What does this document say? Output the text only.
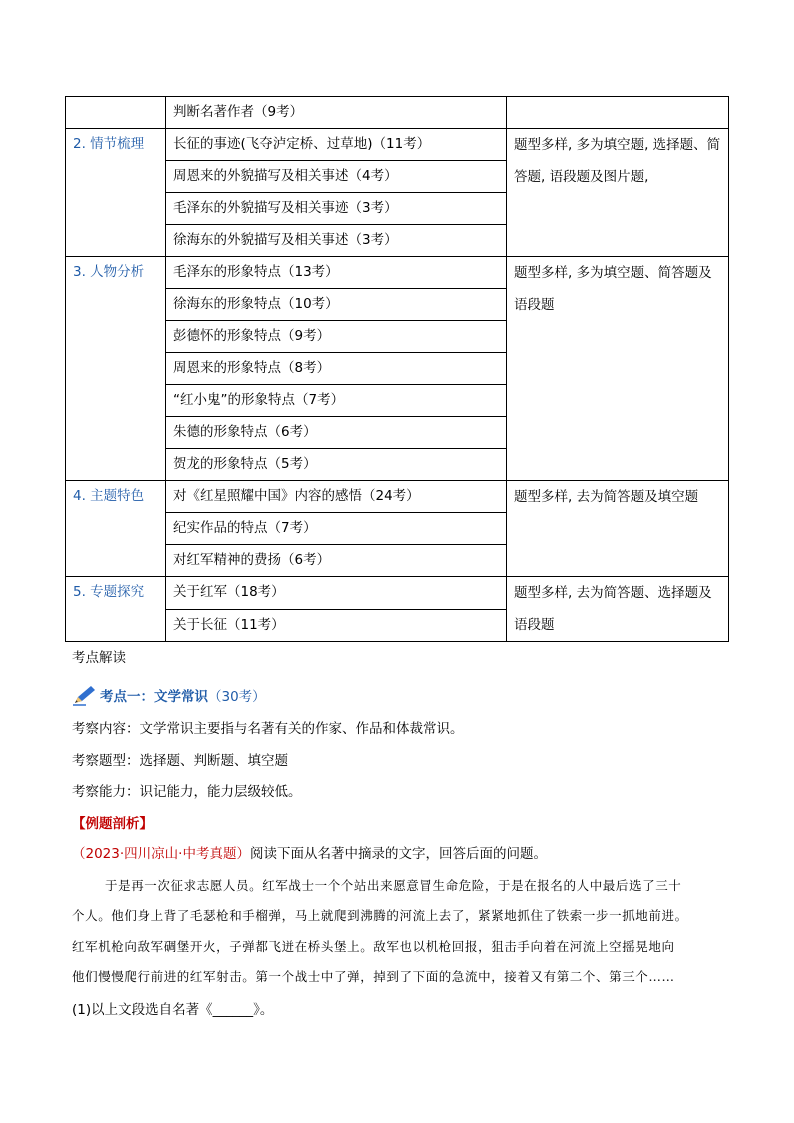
	判断名著作者（9考）	
2. 情节梳理	长征的事迹(飞夺泸定桥、过草地)（11考）	题型多样, 多为填空题, 选择题、简答题, 语段题及图片题,
	周恩来的外貌描写及相关事述（4考）	
	毛泽东的外貌描写及相关事迹（3考）	
	徐海东的外貌描写及相关事述（3考）	
3. 人物分析	毛泽东的形象特点（13考）	题型多样, 多为填空题、简答题及语段题
	徐海东的形象特点（10考）	
	彭德怀的形象特点（9考）	
	周恩来的形象特点（8考）	
	“红小鬼”的形象特点（7考）	
	朱德的形象特点（6考）	
	贺龙的形象特点（5考）	
4. 主题特色	对《红星照耀中国》内容的感悟（24考）	题型多样, 去为简答题及填空题
	纪实作品的特点（7考）	
	对红军精神的费扬（6考）	
5. 专题探究	关于红军（18考）	题型多样, 去为简答题、选择题及语段题
	关于长征（11考）	
考点解读
考点一：文学常识 （30考）
考察内容：文学常识主要指与名著有关的作家、作品和体裁常识。
考察题型：选择题、判断题、填空题
考察能力：识记能力，能力层级较低。
【例题剖析】
（2023·四川凉山·中考真题）阅读下面从名著中摘录的文字，回答后面的问题。
于是再一次征求志愿人员。红军战士一个个站出来愿意冒生命危险，于是在报名的人中最后选了三十
个人。他们身上背了毛瑟枪和手榴弹，马上就爬到沸腾的河流上去了，紧紧地抓住了铁索一步一抓地前进。
红军机枪向敌军碉堡开火，子弹都飞迸在桥头堡上。敌军也以机枪回报，狙击手向着在河流上空摇晃地向
他们慢慢爬行前进的红军射击。第一个战士中了弹，掉到了下面的急流中，接着又有第二个、第三个……
(1)以上文段选自名著《______》。
